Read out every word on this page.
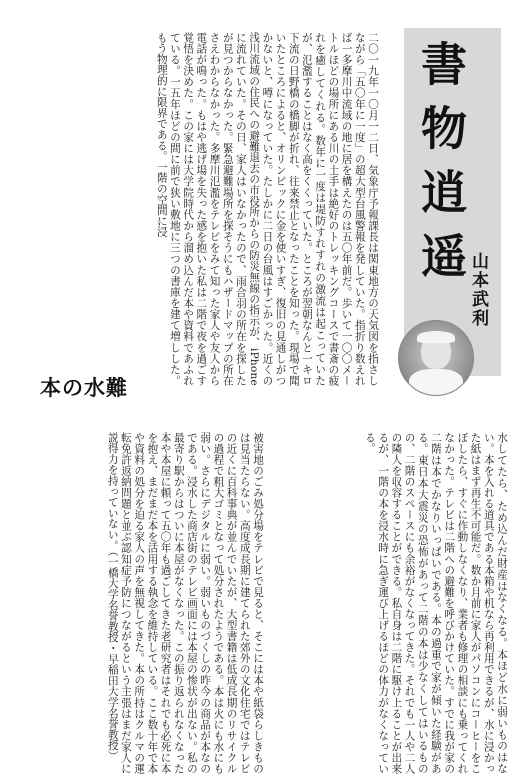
二〇一九年一〇月一二日、気象庁予報課長は関東地方の天気図を指さしながら「五〇年に一度」の超大型台風警報を発していた。指折り数えれば一多摩川中流域の地に居を構えたのは五〇年前だ。歩いて一〇〇メートルほどの場所にある川の土手は絶好のトレッキングコースで書斎の疲れを癒してくれる。数年に一度は堤防すれすれの激流は起こっていたが、氾濫することはなく高をくくっていた。ところが翌朝なんと一キロ下流の日野橋の橋脚が折れ、往来禁止となったことを知った。現場で聞いたところによると、オリンピックに金を使いすぎ、復旧の見通しがつかないと、噂になっていた。たしかに二日の台風はすごかった。近くの浅川流域の住民への避難退去の市役所からの防災無線の指示が、iPhoneに流れていた。その日、家人はいなかったので、雨合羽の所在を探したが見つからなかった。緊急避難場所を探そうにもハザードマップの所在さえわからなかった。多摩川氾濫をテレビをみて知った家人や友人から電話が鳴った。もはや逃げ場を失った感を抱いた私は二階で夜を過ごす覚悟を決めた。この家には大学院時代から溜め込んだ本や資料であふれている。一五年ほどの間に前で狭い敷地に三つの書庫を建て増しした。もう物理的に限界である。一階の空間に浸	書物逍遥 山本武利
本の水難
水してたら、ため込んだ財産はなくなる。本ほど水に弱いものはない。本を入れる道具である本箱や机なら再利用できるが、水に浸かった紙はまず再生不可能だ。数か月前に家人がパソコンにコーヒーをこぼしたら、すぐに作動しなくなり、業者も修理の相談にも乗ってくれなかった。テレビは二階への避難を呼びかけていた。すでに我が家の二階は本でかなりいっぱいである。本の過重で家が傾いた経験がある。東日本大震災の恐怖があって二階の本は少なくしてはいるものの、二階のスペースにも余裕がなくなってきた。それでも一人や二人の隣人を収容することができる。私自身は二階に駆け上ることが出来るが、一階の本を浸水時に急ぎ運び上げるほどの体力がなくなっている。
被害地のごみ処分場をテレビで見ると、そこには本や紙袋らしきものは見当たらない。高度成長期に建てられた郊外の文化住宅ではテレビの近くに百科事典が並んでいたが、大型書籍は低成長期のリサイクルの過程で粗大ゴミとなって処分されたようである。本は火にも水にも弱い。さらにデジタルに弱い。弱いものづくしの昨今の商品が本なのである。浸水した商店街のテレビ画面には本屋の惨状が出ない。私の最寄り駅からはついに本屋がなくなった。この振り返られなくなった本や本屋に頼って五〇年も過ごしてきた老研究者はそれでも必死に本を抱え、まだまだ本を活用する執念を維持している。ここ数十年で本や資料の処分を迫る家人の声を無視してきた。本の所持はクルマの運転免許返納問題と並ぶ認知症予防につながるという主張はまだ家人に説得力を持っていない。（一橋大学名誉教授・早稲田大学名誉教授）
